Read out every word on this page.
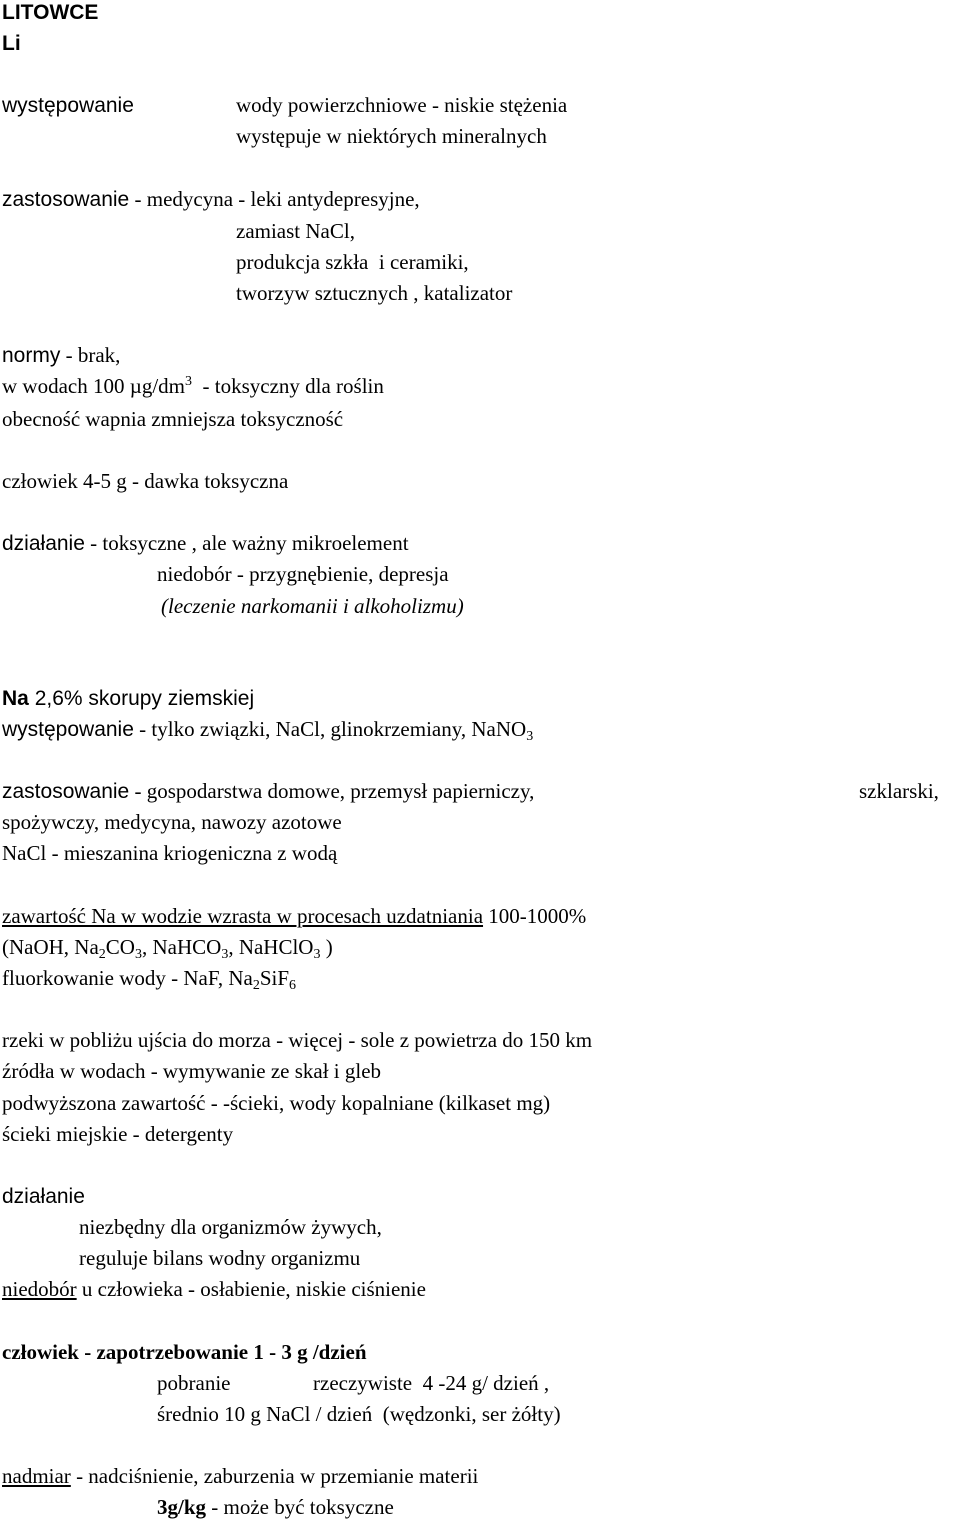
LITOWCE
Li
występowanie	wody powierzchniowe - niskie stężenia
występuje w niektórych mineralnych
zastosowanie - medycyna - leki antydepresyjne,
zamiast NaCl,
produkcja szkła  i ceramiki,
tworzyw sztucznych , katalizator
normy - brak,
w wodach 100 $\mu g/dm^3$  - toksyczny dla roślin
obecność wapnia zmniejsza toksyczność
człowiek 4-5 g - dawka toksyczna
działanie - toksyczne , ale ważny mikroelement
niedobór - przygnębienie, depresja
(leczenie narkomanii i alkoholizmu)
Na 2,6% skorupy ziemskiej
występowanie - tylko związki, NaCl, glinokrzemiany, NaNO$_3$
zastosowanie - gospodarstwa domowe, przemysł papierniczy,	szklarski,
spożywczy, medycyna, nawozy azotowe
NaCl - mieszanina kriogeniczna z wodą
zawartość Na w wodzie wzrasta w procesach uzdatniania 100-1000%
(NaOH, $Na_2CO_3$, NaHCO$_3$, NaHClO$_3$ )
fluorkowanie wody - NaF, $Na_2SiF_6$
rzeki w pobliżu ujścia do morza - więcej - sole z powietrza do 150 km
źródła w wodach - wymywanie ze skał i gleb
podwyższona zawartość - -ścieki, wody kopalniane (kilkaset mg)
ścieki miejskie - detergenty
działanie
niezbędny dla organizmów żywych,
reguluje bilans wodny organizmu
niedobór u człowieka - osłabienie, niskie ciśnienie
człowiek - zapotrzebowanie 1 - 3 g /dzień
pobranie	rzeczywiste  4 -24 g/ dzień ,
średnio 10 g NaCl / dzień  (wędzonki, ser żółty)
nadmiar - nadciśnienie, zaburzenia w przemianie materii
3g/kg - może być toksyczne
